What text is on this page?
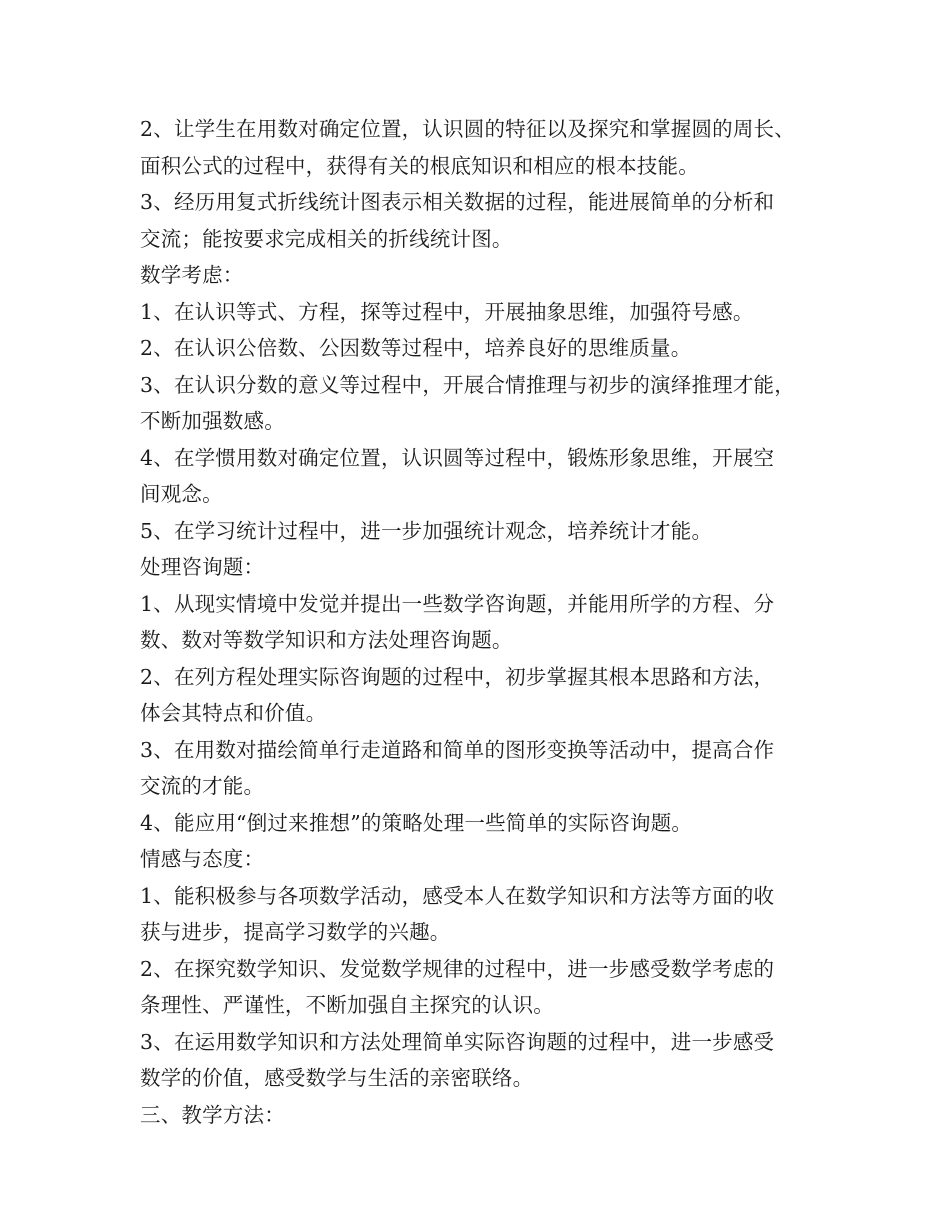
2、让学生在用数对确定位置，认识圆的特征以及探究和掌握圆的周长、
面积公式的过程中，获得有关的根底知识和相应的根本技能。
3、经历用复式折线统计图表示相关数据的过程，能进展简单的分析和
交流；能按要求完成相关的折线统计图。
数学考虑：
1、在认识等式、方程，探等过程中，开展抽象思维，加强符号感。
2、在认识公倍数、公因数等过程中，培养良好的思维质量。
3、在认识分数的意义等过程中，开展合情推理与初步的演绎推理才能，
不断加强数感。
4、在学惯用数对确定位置，认识圆等过程中，锻炼形象思维，开展空
间观念。
5、在学习统计过程中，进一步加强统计观念，培养统计才能。
处理咨询题：
1、从现实情境中发觉并提出一些数学咨询题，并能用所学的方程、分
数、数对等数学知识和方法处理咨询题。
2、在列方程处理实际咨询题的过程中，初步掌握其根本思路和方法，
体会其特点和价值。
3、在用数对描绘简单行走道路和简单的图形变换等活动中，提高合作
交流的才能。
4、能应用“倒过来推想”的策略处理一些简单的实际咨询题。
情感与态度：
1、能积极参与各项数学活动，感受本人在数学知识和方法等方面的收
获与进步，提高学习数学的兴趣。
2、在探究数学知识、发觉数学规律的过程中，进一步感受数学考虑的
条理性、严谨性，不断加强自主探究的认识。
3、在运用数学知识和方法处理简单实际咨询题的过程中，进一步感受
数学的价值，感受数学与生活的亲密联络。
三、教学方法：
